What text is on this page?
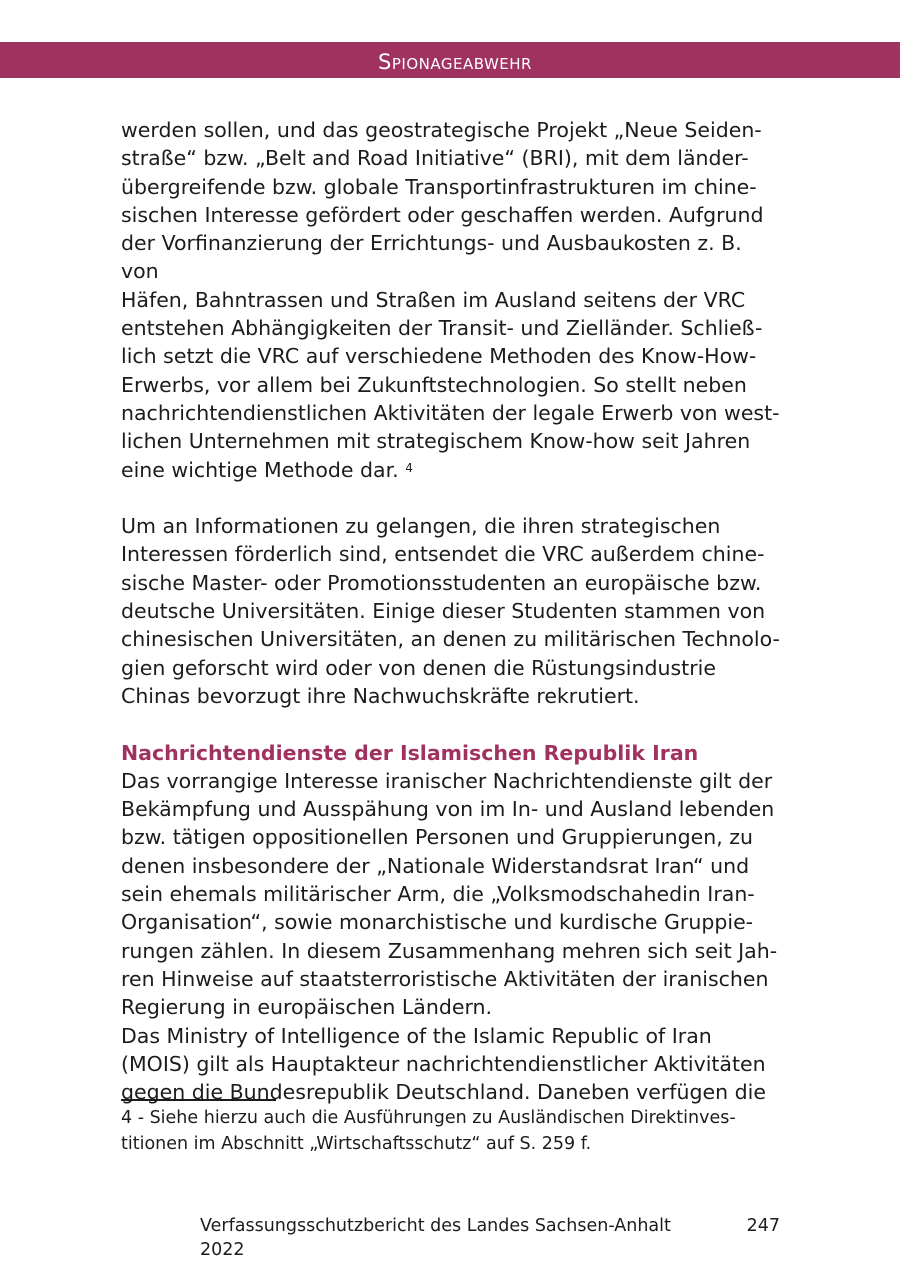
Spionageabwehr

werden sollen, und das geostrategische Projekt „Neue Seiden-
straße“ bzw. „Belt and Road Initiative“ (BRI), mit dem länder-
übergreifende bzw. globale Transportinfrastrukturen im chine-
sischen Interesse gefördert oder geschaffen werden. Aufgrund
der Vorfinanzierung der Errichtungs- und Ausbaukosten z. B. von
Häfen, Bahntrassen und Straßen im Ausland seitens der VRC
entstehen Abhängigkeiten der Transit- und Zielländer. Schließ-
lich setzt die VRC auf verschiedene Methoden des Know-How-
Erwerbs, vor allem bei Zukunftstechnologien. So stellt neben
nachrichtendienstlichen Aktivitäten der legale Erwerb von west-
lichen Unternehmen mit strategischem Know-how seit Jahren
eine wichtige Methode dar. $^4$

Um an Informationen zu gelangen, die ihren strategischen
Interessen förderlich sind, entsendet die VRC außerdem chine-
sische Master- oder Promotionsstudenten an europäische bzw.
deutsche Universitäten. Einige dieser Studenten stammen von
chinesischen Universitäten, an denen zu militärischen Technolo-
gien geforscht wird oder von denen die Rüstungsindustrie
Chinas bevorzugt ihre Nachwuchskräfte rekrutiert.

Nachrichtendienste der Islamischen Republik Iran

Das vorrangige Interesse iranischer Nachrichtendienste gilt der
Bekämpfung und Ausspähung von im In- und Ausland lebenden
bzw. tätigen oppositionellen Personen und Gruppierungen, zu
denen insbesondere der „Nationale Widerstandsrat Iran“ und
sein ehemals militärischer Arm, die „Volksmodschahedin Iran-
Organisation“, sowie monarchistische und kurdische Gruppie-
rungen zählen. In diesem Zusammenhang mehren sich seit Jah-
ren Hinweise auf staatsterroristische Aktivitäten der iranischen
Regierung in europäischen Ländern.

Das Ministry of Intelligence of the Islamic Republic of Iran
(MOIS) gilt als Hauptakteur nachrichtendienstlicher Aktivitäten
gegen die Bundesrepublik Deutschland. Daneben verfügen die

4 - Siehe hierzu auch die Ausführungen zu Ausländischen Direktinves-
titionen im Abschnitt „Wirtschaftsschutz“ auf S. 259 f.

Verfassungsschutzbericht des Landes Sachsen-Anhalt 2022
247
